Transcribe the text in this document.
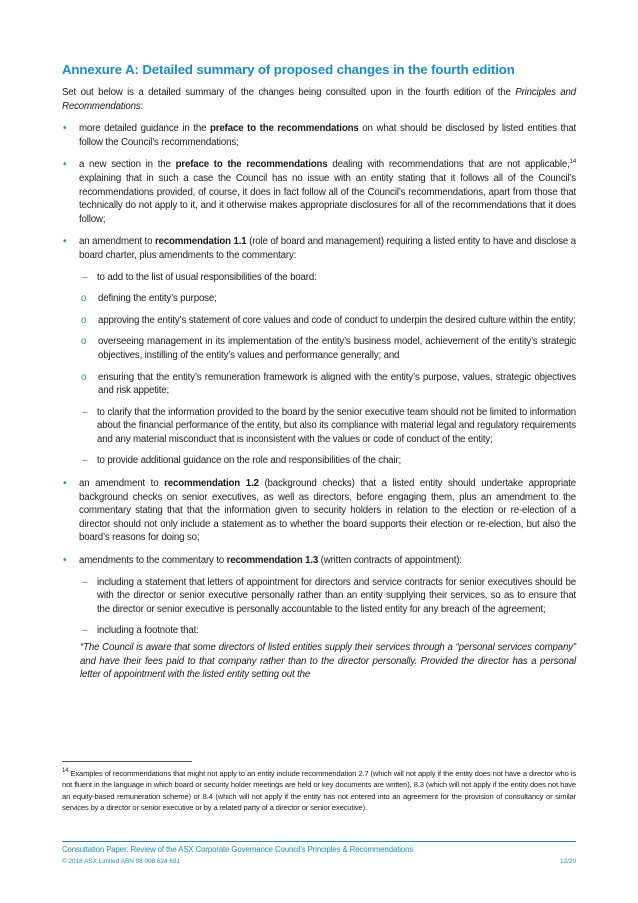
Annexure A: Detailed summary of proposed changes in the fourth edition

Set out below is a detailed summary of the changes being consulted upon in the fourth edition of the Principles and Recommendations:

• more detailed guidance in the preface to the recommendations on what should be disclosed by listed entities that follow the Council’s recommendations;

• a new section in the preface to the recommendations dealing with recommendations that are not applicable,$^{14}$ explaining that in such a case the Council has no issue with an entity stating that it follows all of the Council’s recommendations provided, of course, it does in fact follow all of the Council’s recommendations, apart from those that technically do not apply to it, and it otherwise makes appropriate disclosures for all of the recommendations that it does follow;

• an amendment to recommendation 1.1 (role of board and management) requiring a listed entity to have and disclose a board charter, plus amendments to the commentary:

– to add to the list of usual responsibilities of the board:

o defining the entity’s purpose;

o approving the entity’s statement of core values and code of conduct to underpin the desired culture within the entity;

o overseeing management in its implementation of the entity’s business model, achievement of the entity’s strategic objectives, instilling of the entity’s values and performance generally; and

o ensuring that the entity’s remuneration framework is aligned with the entity’s purpose, values, strategic objectives and risk appetite;

– to clarify that the information provided to the board by the senior executive team should not be limited to information about the financial performance of the entity, but also its compliance with material legal and regulatory requirements and any material misconduct that is inconsistent with the values or code of conduct of the entity;

– to provide additional guidance on the role and responsibilities of the chair;

• an amendment to recommendation 1.2 (background checks) that a listed entity should undertake appropriate background checks on senior executives, as well as directors, before engaging them, plus an amendment to the commentary stating that that the information given to security holders in relation to the election or re-election of a director should not only include a statement as to whether the board supports their election or re-election, but also the board’s reasons for doing so;

• amendments to the commentary to recommendation 1.3 (written contracts of appointment):

– including a statement that letters of appointment for directors and service contracts for senior executives should be with the director or senior executive personally rather than an entity supplying their services, so as to ensure that the director or senior executive is personally accountable to the listed entity for any breach of the agreement;

– including a footnote that:

“The Council is aware that some directors of listed entities supply their services through a “personal services company” and have their fees paid to that company rather than to the director personally. Provided the director has a personal letter of appointment with the listed entity setting out the

$^{14}$ Examples of recommendations that might not apply to an entity include recommendation 2.7 (which will not apply if the entity does not have a director who is not fluent in the language in which board or security holder meetings are held or key documents are written), 8.3 (which will not apply if the entity does not have an equity-based remuneration scheme) or 8.4 (which will not apply if the entity has not entered into an agreement for the provision of consultancy or similar services by a director or senior executive or by a related party of a director or senior executive).

Consultation Paper: Review of the ASX Corporate Governance Council’s Principles & Recommendations
© 2018 ASX Limited ABN 98 008 624 691	12/20
